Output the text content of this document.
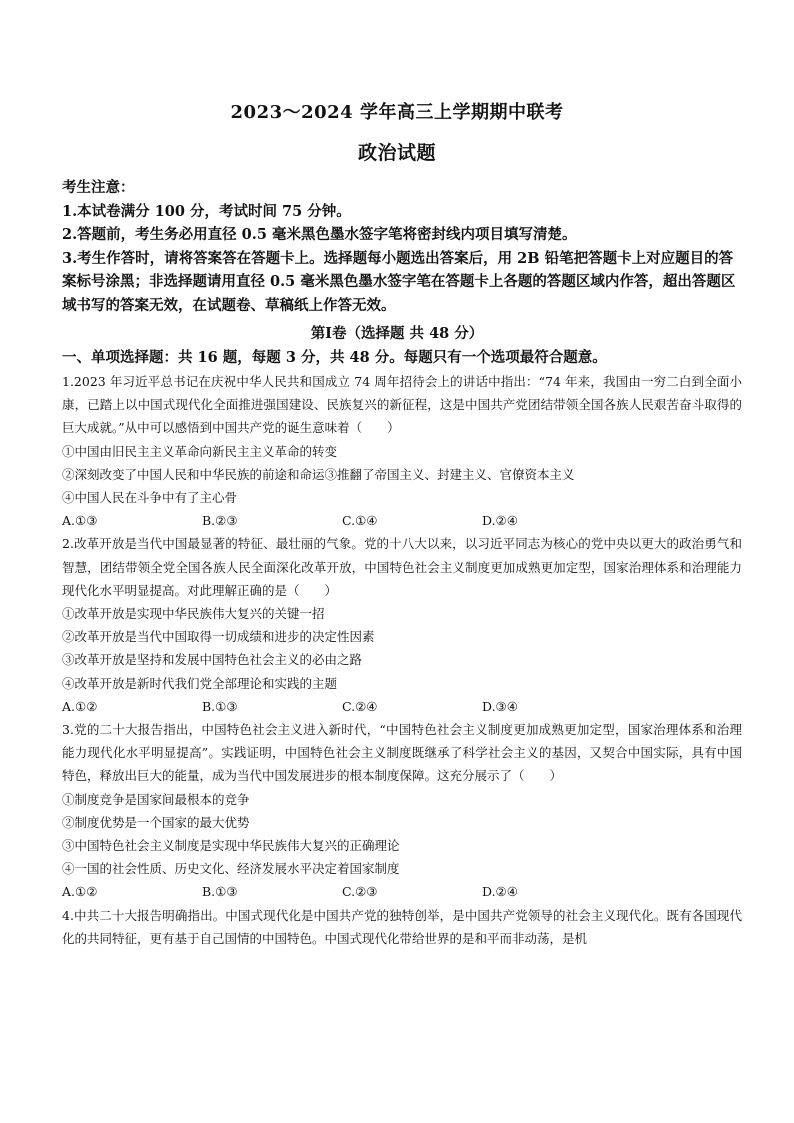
2023～2024 学年高三上学期期中联考
政治试题

考生注意：

1.本试卷满分 100 分，考试时间 75 分钟。

2.答题前，考生务必用直径 0.5 毫米黑色墨水签字笔将密封线内项目填写清楚。

3.考生作答时，请将答案答在答题卡上。选择题每小题选出答案后，用 2B 铅笔把答题卡上对应题目的答案标号涂黑；非选择题请用直径 0.5 毫米黑色墨水签字笔在答题卡上各题的答题区域内作答，超出答题区域书写的答案无效，在试题卷、草稿纸上作答无效。

第Ⅰ卷（选择题 共 48 分）
一、单项选择题：共 16 题，每题 3 分，共 48 分。每题只有一个选项最符合题意。

1.2023 年习近平总书记在庆祝中华人民共和国成立 74 周年招待会上的讲话中指出：“74 年来，我国由一穷二白到全面小康，已踏上以中国式现代化全面推进强国建设、民族复兴的新征程，这是中国共产党团结带领全国各族人民艰苦奋斗取得的巨大成就。”从中可以感悟到中国共产党的诞生意味着（　　）

①中国由旧民主主义革命向新民主主义革命的转变

②深刻改变了中国人民和中华民族的前途和命运③推翻了帝国主义、封建主义、官僚资本主义

④中国人民在斗争中有了主心骨

A.①③	B.②③	C.①④	D.②④

2.改革开放是当代中国最显著的特征、最壮丽的气象。党的十八大以来，以习近平同志为核心的党中央以更大的政治勇气和智慧，团结带领全党全国各族人民全面深化改革开放，中国特色社会主义制度更加成熟更加定型，国家治理体系和治理能力现代化水平明显提高。对此理解正确的是（　　）

①改革开放是实现中华民族伟大复兴的关键一招

②改革开放是当代中国取得一切成绩和进步的决定性因素

③改革开放是坚持和发展中国特色社会主义的必由之路

④改革开放是新时代我们党全部理论和实践的主题

A.①②	B.①③	C.②④	D.③④

3.党的二十大报告指出，中国特色社会主义进入新时代，“中国特色社会主义制度更加成熟更加定型，国家治理体系和治理能力现代化水平明显提高”。实践证明，中国特色社会主义制度既继承了科学社会主义的基因，又契合中国实际，具有中国特色，释放出巨大的能量，成为当代中国发展进步的根本制度保障。这充分展示了（　　）

①制度竞争是国家间最根本的竞争

②制度优势是一个国家的最大优势

③中国特色社会主义制度是实现中华民族伟大复兴的正确理论

④一国的社会性质、历史文化、经济发展水平决定着国家制度

A.①②	B.①③	C.②③	D.②④

4.中共二十大报告明确指出。中国式现代化是中国共产党的独特创举，是中国共产党领导的社会主义现代化。既有各国现代化的共同特征，更有基于自己国情的中国特色。中国式现代化带给世界的是和平而非动荡，是机
